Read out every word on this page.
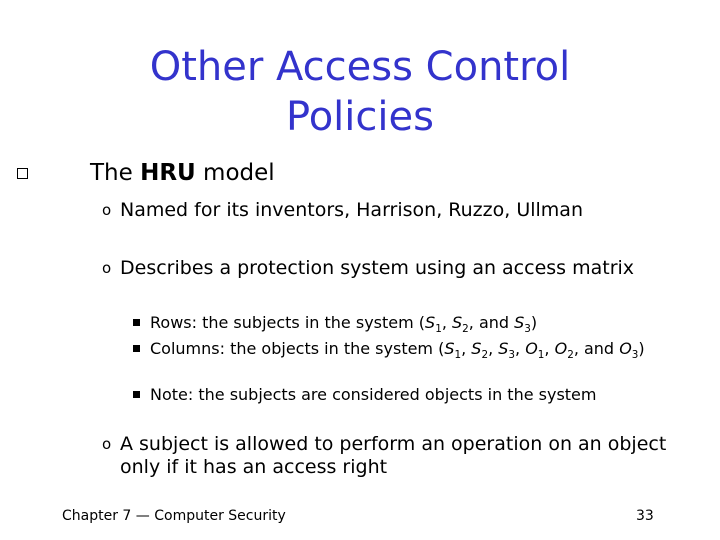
Other Access Control
Policies
The HRU model
o Named for its inventors, Harrison, Ruzzo, Ullman
o Describes a protection system using an access matrix
Rows: the subjects in the system ($S_1$, $S_2$, and $S_3$)
Columns: the objects in the system ($S_1$, $S_2$, $S_3$, $O_1$, $O_2$, and $O_3$)
Note: the subjects are considered objects in the system
o A subject is allowed to perform an operation on an object only if it has an access right
Chapter 7 — Computer Security	33
